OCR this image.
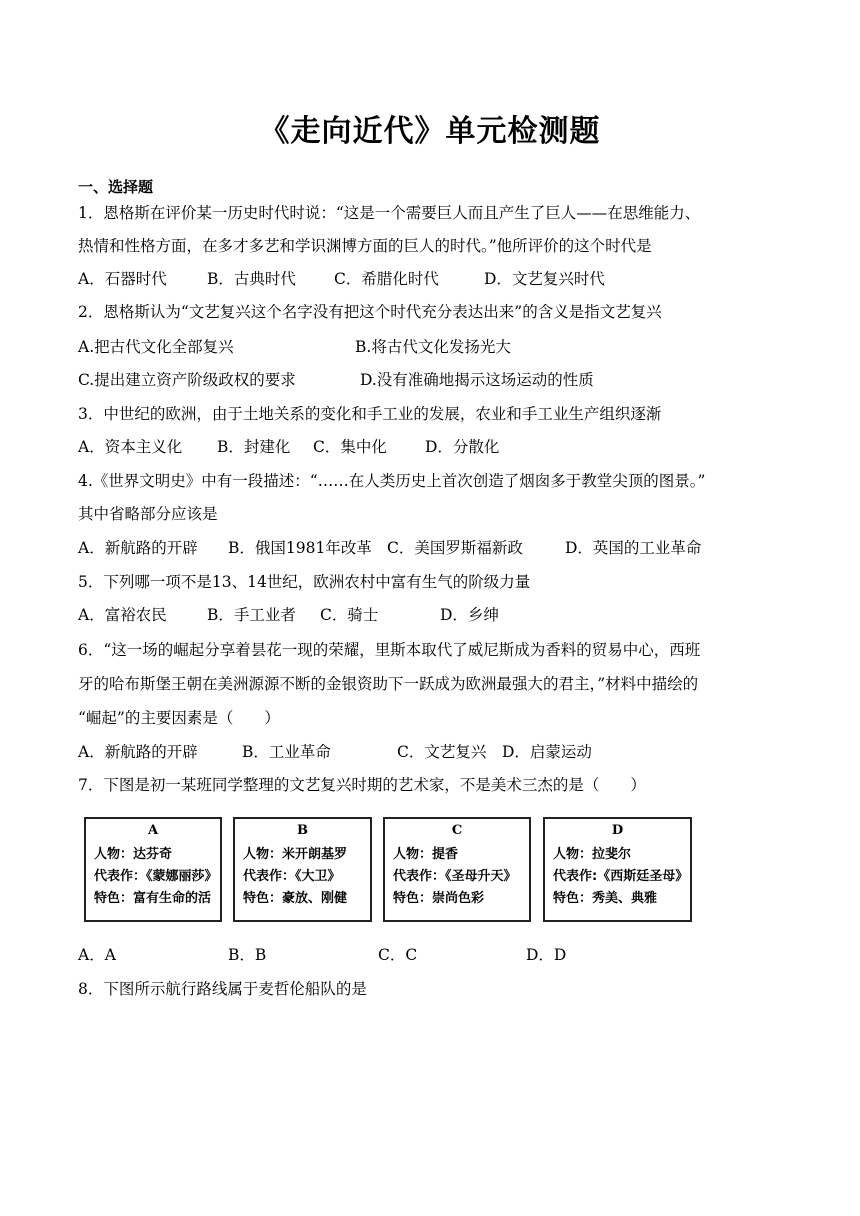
《走向近代》单元检测题
一、选择题
1．恩格斯在评价某一历史时代时说：“这是一个需要巨人而且产生了巨人——在思维能力、
热情和性格方面，在多才多艺和学识渊博方面的巨人的时代。”他所评价的这个时代是
A．石器时代	B．古典时代 C．希腊化时代	D．文艺复兴时代
2．恩格斯认为“文艺复兴这个名字没有把这个时代充分表达出来”的含义是指文艺复兴
A.把古代文化全部复兴	B.将古代文化发扬光大
C.提出建立资产阶级政权的要求	D.没有准确地揭示这场运动的性质
3．中世纪的欧洲，由于土地关系的变化和手工业的发展，农业和手工业生产组织逐渐
A．资本主义化 B．封建化 C．集中化 D．分散化
4.《世界文明史》中有一段描述：“……在人类历史上首次创造了烟囱多于教堂尖顶的图景。”
其中省略部分应该是
A．新航路的开辟 B．俄国1981年改革 C．美国罗斯福新政	D．英国的工业革命
5．下列哪一项不是13、14世纪，欧洲农村中富有生气的阶级力量
A．富裕农民	B．手工业者 C．骑士	D．乡绅
6．“这一场的崛起分享着昙花一现的荣耀，里斯本取代了威尼斯成为香料的贸易中心，西班
牙的哈布斯堡王朝在美洲源源不断的金银资助下一跃成为欧洲最强大的君主，”材料中描绘的
“崛起”的主要因素是（　　）
A．新航路的开辟	B．工业革命	C．文艺复兴 D．启蒙运动
7．下图是初一某班同学整理的文艺复兴时期的艺术家，不是美术三杰的是（　　）
A
人物：达芬奇
代表作：《蒙娜丽莎》
特色：富有生命的活
B
人物：米开朗基罗
代表作：《大卫》
特色：豪放、刚健
C
人物：提香
代表作：《圣母升天》
特色：崇尚色彩
D
人物：拉斐尔
代表作:《西斯廷圣母》
特色：秀美、典雅
A．A	B．B	C．C	D．D
8．下图所示航行路线属于麦哲伦船队的是
